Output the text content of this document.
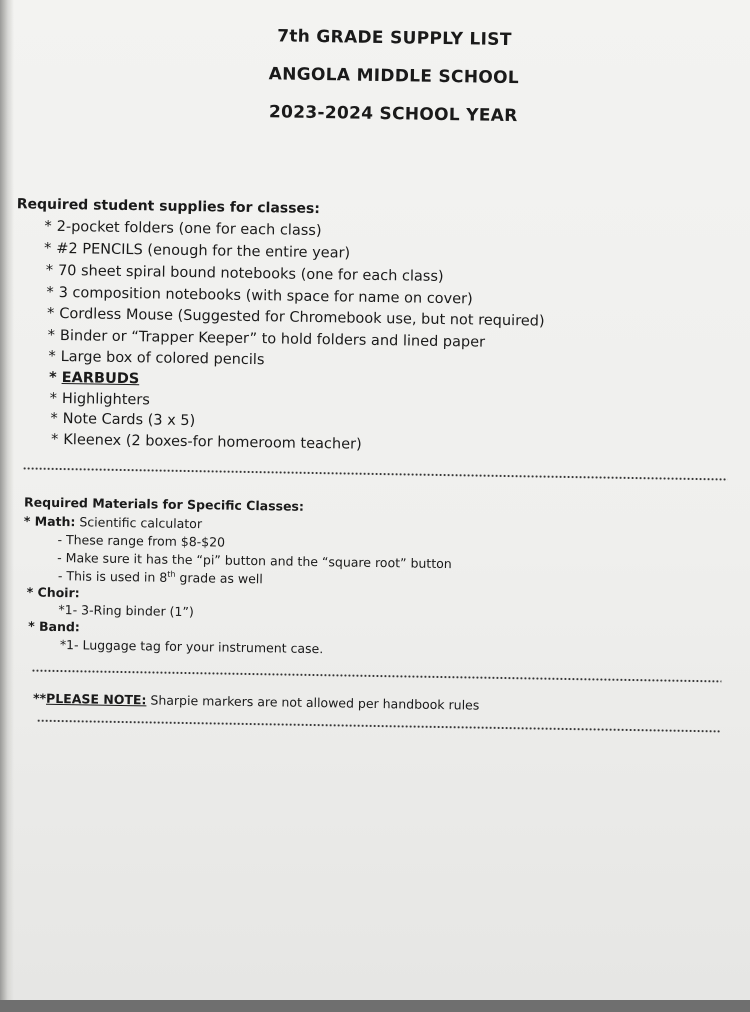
7th GRADE SUPPLY LIST
ANGOLA MIDDLE SCHOOL
2023-2024 SCHOOL YEAR
Required student supplies for classes:
* 2-pocket folders (one for each class)
* #2 PENCILS (enough for the entire year)
* 70 sheet spiral bound notebooks (one for each class)
* 3 composition notebooks (with space for name on cover)
* Cordless Mouse (Suggested for Chromebook use, but not required)
* Binder or “Trapper Keeper” to hold folders and lined paper
* Large box of colored pencils
* EARBUDS
* Highlighters
* Note Cards (3 x 5)
* Kleenex (2 boxes-for homeroom teacher)
Required Materials for Specific Classes:
* Math: Scientific calculator
- These range from $8-$20
- Make sure it has the “pi” button and the “square root” button
- This is used in 8th grade as well
* Choir:
*1- 3-Ring binder (1”)
* Band:
*1- Luggage tag for your instrument case.
**PLEASE NOTE: Sharpie markers are not allowed per handbook rules
